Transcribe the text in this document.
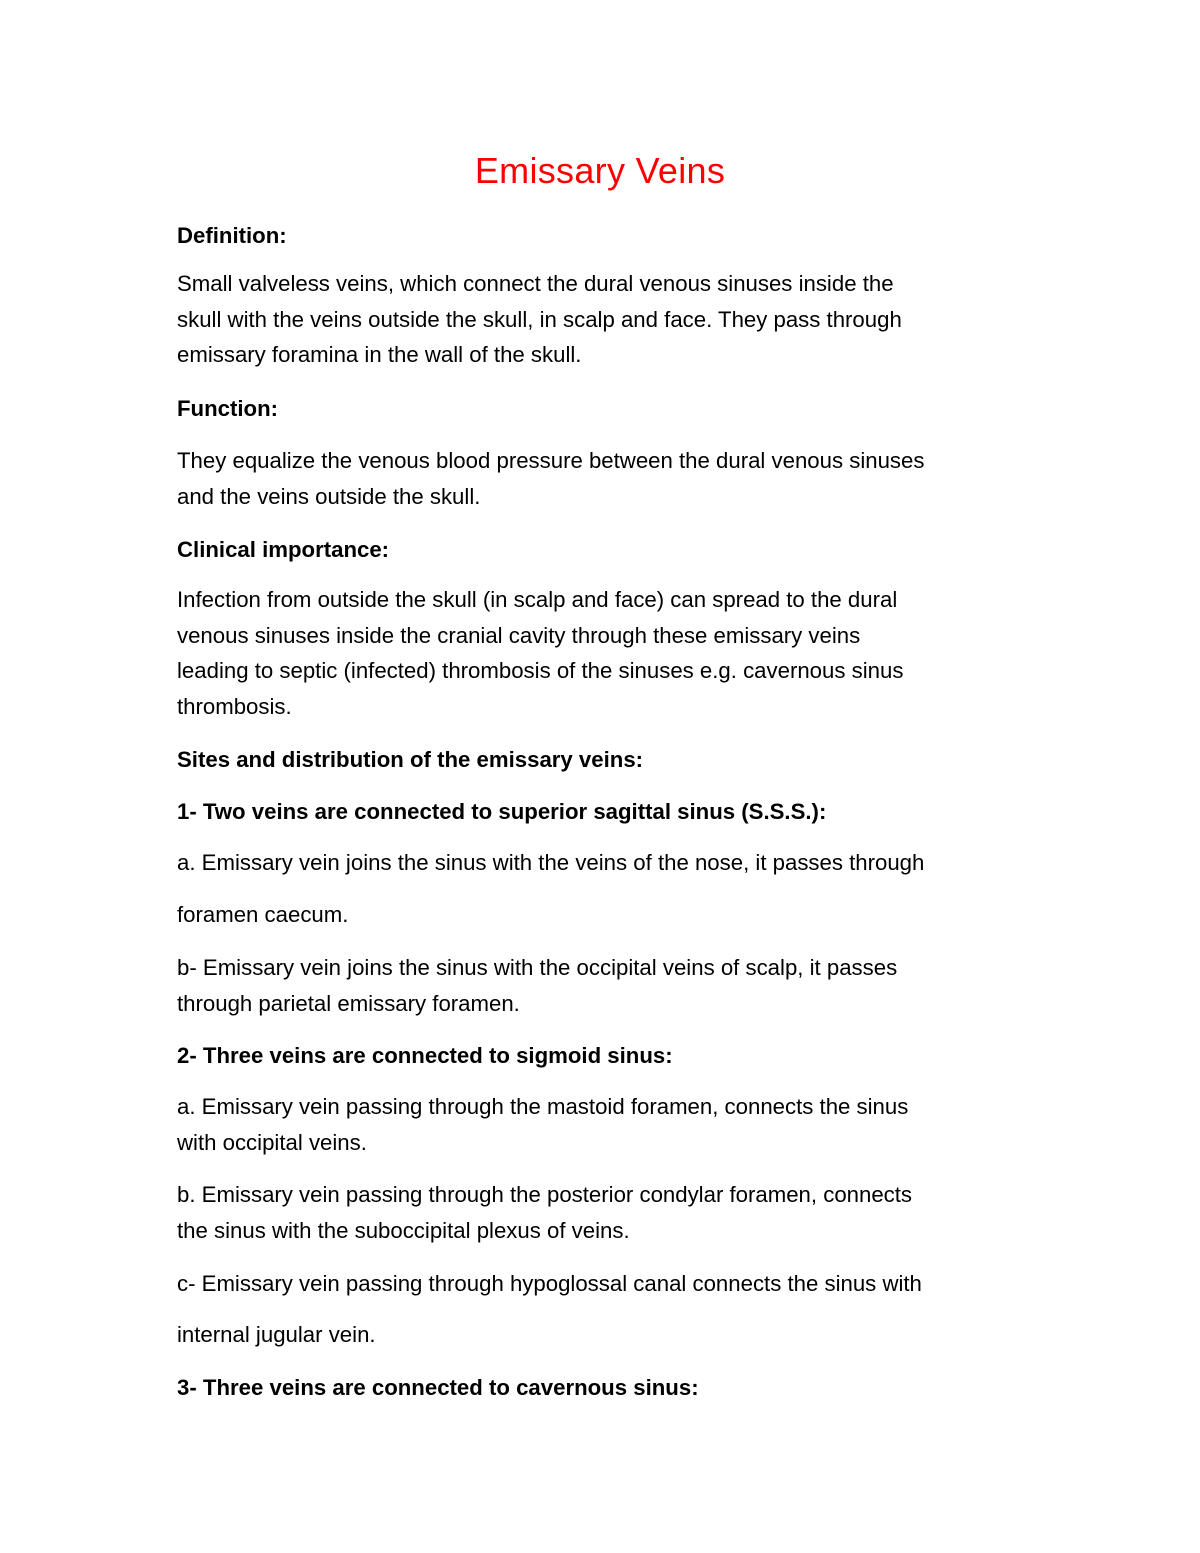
Emissary Veins

Definition:

Small valveless veins, which connect the dural venous sinuses inside the
skull with the veins outside the skull, in scalp and face. They pass through
emissary foramina in the wall of the skull.

Function:

They equalize the venous blood pressure between the dural venous sinuses
and the veins outside the skull.

Clinical importance:

Infection from outside the skull (in scalp and face) can spread to the dural
venous sinuses inside the cranial cavity through these emissary veins
leading to septic (infected) thrombosis of the sinuses e.g. cavernous sinus
thrombosis.

Sites and distribution of the emissary veins:

1- Two veins are connected to superior sagittal sinus (S.S.S.):

a. Emissary vein joins the sinus with the veins of the nose, it passes through

foramen caecum.

b- Emissary vein joins the sinus with the occipital veins of scalp, it passes
through parietal emissary foramen.

2- Three veins are connected to sigmoid sinus:

a. Emissary vein passing through the mastoid foramen, connects the sinus
with occipital veins.

b. Emissary vein passing through the posterior condylar foramen, connects
the sinus with the suboccipital plexus of veins.

c- Emissary vein passing through hypoglossal canal connects the sinus with

internal jugular vein.

3- Three veins are connected to cavernous sinus:
